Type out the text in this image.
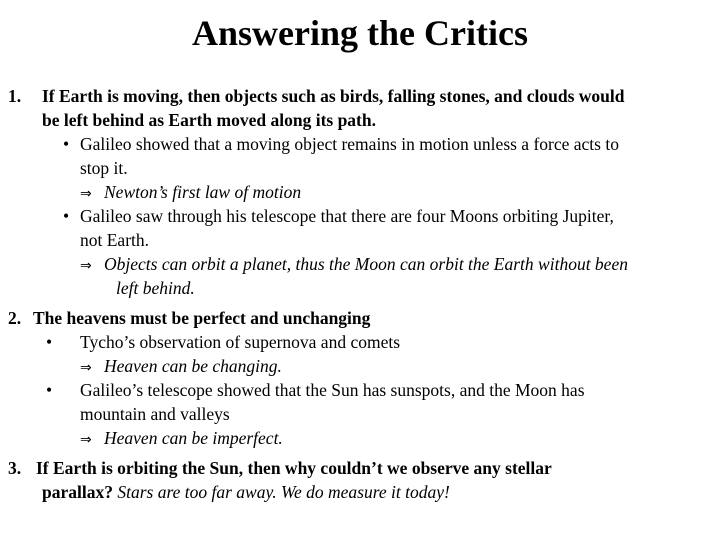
Answering the Critics
1. If Earth is moving, then objects such as birds, falling stones, and clouds would
be left behind as Earth moved along its path.
• Galileo showed that a moving object remains in motion unless a force acts to
stop it.
⇒ Newton’s first law of motion
• Galileo saw through his telescope that there are four Moons orbiting Jupiter,
not Earth.
⇒ Objects can orbit a planet, thus the Moon can orbit the Earth without been
left behind.
2. The heavens must be perfect and unchanging
• Tycho’s observation of supernova and comets
⇒ Heaven can be changing.
• Galileo’s telescope showed that the Sun has sunspots, and the Moon has
mountain and valleys
⇒ Heaven can be imperfect.
3. If Earth is orbiting the Sun, then why couldn’t we observe any stellar
parallax? Stars are too far away. We do measure it today!
